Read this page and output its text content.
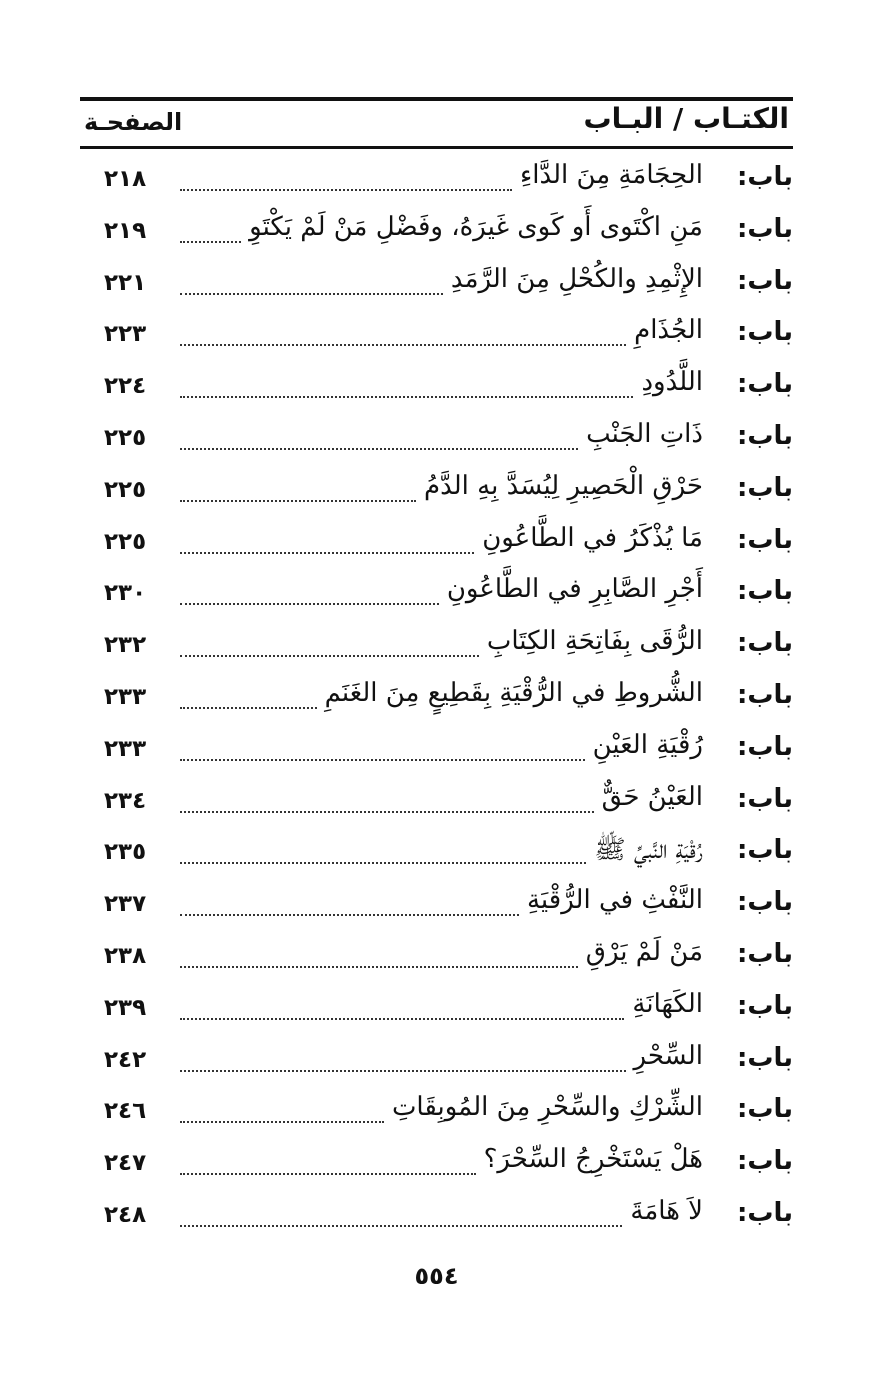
الكتـاب / البـاب
الصفحـة
باب:
الحِجَامَةِ مِنَ الدَّاءِ
٢١٨
باب:
مَنِ اكْتَوى أَو كَوى غَيرَهُ، وفَضْلِ مَنْ لَمْ يَكْتَوِ
٢١٩
باب:
الإِثْمِدِ والكُحْلِ مِنَ الرَّمَدِ
٢٢١
باب:
الجُذَامِ
٢٢٣
باب:
اللَّدُودِ
٢٢٤
باب:
ذَاتِ الجَنْبِ
٢٢٥
باب:
حَرْقِ الْحَصِيرِ لِيُسَدَّ بِهِ الدَّمُ
٢٢٥
باب:
مَا يُذْكَرُ في الطَّاعُونِ
٢٢٥
باب:
أَجْرِ الصَّابِرِ في الطَّاعُونِ
٢٣٠
باب:
الرُّقَى بِفَاتِحَةِ الكِتَابِ
٢٣٢
باب:
الشُّروطِ في الرُّقْيَةِ بِقَطِيعٍ مِنَ الغَنَمِ
٢٣٣
باب:
رُقْيَةِ العَيْنِ
٢٣٣
باب:
العَيْنُ حَقٌّ
٢٣٤
باب:
رُقْيَةِ النَّبيِّ ﷺ
٢٣٥
باب:
النَّفْثِ في الرُّقْيَةِ
٢٣٧
باب:
مَنْ لَمْ يَرْقِ
٢٣٨
باب:
الكَهَانَةِ
٢٣٩
باب:
السِّحْرِ
٢٤٢
باب:
الشِّرْكِ والسِّحْرِ مِنَ المُوبِقَاتِ
٢٤٦
باب:
هَلْ يَسْتَخْرِجُ السِّحْرَ؟
٢٤٧
باب:
لاَ هَامَةَ
٢٤٨
٥٥٤
